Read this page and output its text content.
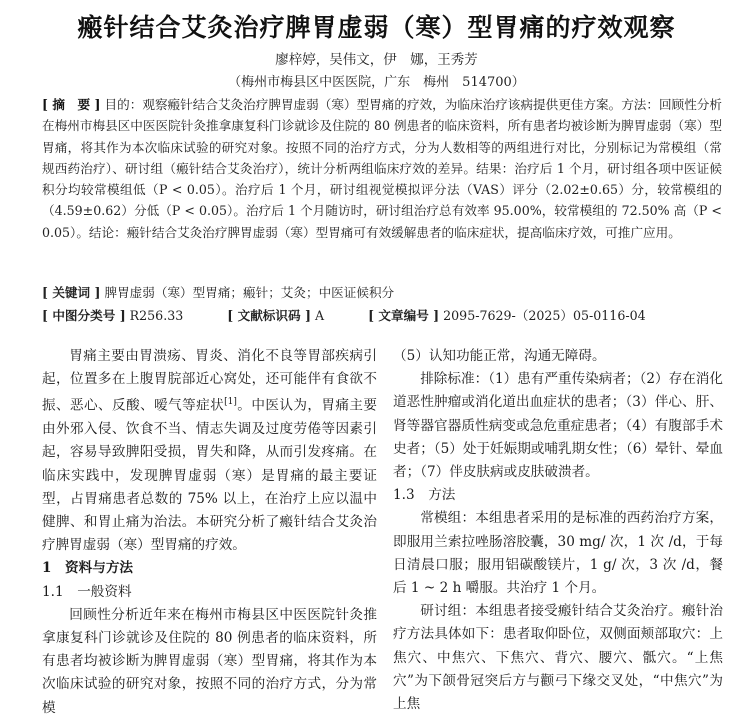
瘢针结合艾灸治疗脾胃虚弱（寒）型胃痛的疗效观察
廖梓婷，吴伟文，伊　娜，王秀芳
（梅州市梅县区中医医院，广东　梅州　514700）
[ 摘　要 ] 目的：观察瘢针结合艾灸治疗脾胃虚弱（寒）型胃痛的疗效，为临床治疗该病提供更佳方案。方法：回顾性分析在梅州市梅县区中医医院针灸推拿康复科门诊就诊及住院的 80 例患者的临床资料，所有患者均被诊断为脾胃虚弱（寒）型胃痛，将其作为本次临床试验的研究对象。按照不同的治疗方式，分为人数相等的两组进行对比，分别标记为常模组（常规西药治疗）、研讨组（瘢针结合艾灸治疗），统计分析两组临床疗效的差异。结果：治疗后 1 个月，研讨组各项中医证候积分均较常模组低（P < 0.05）。治疗后 1 个月，研讨组视觉模拟评分法（VAS）评分（2.02±0.65）分，较常模组的（4.59±0.62）分低（P < 0.05）。治疗后 1 个月随访时，研讨组治疗总有效率 95.00%，较常模组的 72.50% 高（P < 0.05）。结论：瘢针结合艾灸治疗脾胃虚弱（寒）型胃痛可有效缓解患者的临床症状，提高临床疗效，可推广应用。
[ 关键词 ] 脾胃虚弱（寒）型胃痛；瘢针；艾灸；中医证候积分
[ 中图分类号 ] R256.33	[ 文献标识码 ] A	[ 文章编号 ] 2095-7629-（2025）05-0116-04

胃痛主要由胃溃疡、胃炎、消化不良等胃部疾病引起，位置多在上腹胃脘部近心窝处，还可能伴有食欲不振、恶心、反酸、嗳气等症状[1]。中医认为，胃痛主要由外邪入侵、饮食不当、情志失调及过度劳倦等因素引起，容易导致脾阳受损，胃失和降，从而引发疼痛。在临床实践中，发现脾胃虚弱（寒）是胃痛的最主要证型，占胃痛患者总数的 75% 以上，在治疗上应以温中健脾、和胃止痛为治法。本研究分析了瘢针结合艾灸治疗脾胃虚弱（寒）型胃痛的疗效。

1　资料与方法

1.1　一般资料

回顾性分析近年来在梅州市梅县区中医医院针灸推拿康复科门诊就诊及住院的 80 例患者的临床资料，所有患者均被诊断为脾胃虚弱（寒）型胃痛，将其作为本次临床试验的研究对象，按照不同的治疗方式，分为常模

（5）认知功能正常，沟通无障碍。

排除标准：（1）患有严重传染病者；（2）存在消化道恶性肿瘤或消化道出血症状的患者；（3）伴心、肝、肾等器官器质性病变或急危重症患者；（4）有腹部手术史者；（5）处于妊娠期或哺乳期女性；（6）晕针、晕血者；（7）伴皮肤病或皮肤破溃者。

1.3　方法

常模组：本组患者采用的是标准的西药治疗方案，即服用兰索拉唑肠溶胶囊，30 mg/ 次，1 次 /d，于每日清晨口服；服用铝碳酸镁片，1 g/ 次，3 次 /d，餐后 1 ~ 2 h 嚼服。共治疗 1 个月。

研讨组：本组患者接受瘢针结合艾灸治疗。瘢针治疗方法具体如下：患者取仰卧位，双侧面颊部取穴：上焦穴、中焦穴、下焦穴、背穴、腰穴、骶穴。“上焦穴”为下颌骨冠突后方与颧弓下缘交叉处，“中焦穴”为上焦
